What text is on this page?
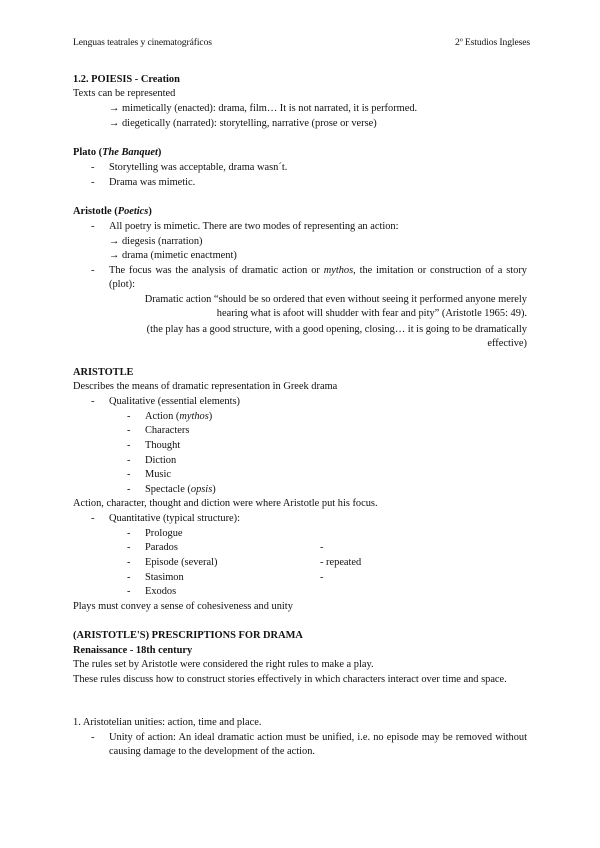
Lenguas teatrales y cinematográficos	2º Estudios Ingleses
1.2. POIESIS - Creation
Texts can be represented
→ mimetically (enacted): drama, film… It is not narrated, it is performed.
→ diegetically (narrated): storytelling, narrative (prose or verse)
Plato (The Banquet)
- Storytelling was acceptable, drama wasn´t.
- Drama was mimetic.
Aristotle (Poetics)
- All poetry is mimetic. There are two modes of representing an action:
→ diegesis (narration)
→ drama (mimetic enactment)
- The focus was the analysis of dramatic action or mythos, the imitation or construction of a story (plot):
Dramatic action “should be so ordered that even without seeing it performed anyone merely
hearing what is afoot will shudder with fear and pity” (Aristotle 1965: 49).
(the play has a good structure, with a good opening, closing… it is going to be dramatically
effective)
ARISTOTLE
Describes the means of dramatic representation in Greek drama
- Qualitative (essential elements)
- Action (mythos)
- Characters
- Thought
- Diction
- Music
- Spectacle (opsis)
Action, character, thought and diction were where Aristotle put his focus.
- Quantitative (typical structure):
- Prologue
- Parados	-
- Episode (several)	- repeated
- Stasimon	-
- Exodos
Plays must convey a sense of cohesiveness and unity
(ARISTOTLE'S) PRESCRIPTIONS FOR DRAMA
Renaissance - 18th century
The rules set by Aristotle were considered the right rules to make a play.
These rules discuss how to construct stories effectively in which characters interact over time and space.
1. Aristotelian unities: action, time and place.
- Unity of action: An ideal dramatic action must be unified, i.e. no episode may be removed without causing damage to the development of the action.
